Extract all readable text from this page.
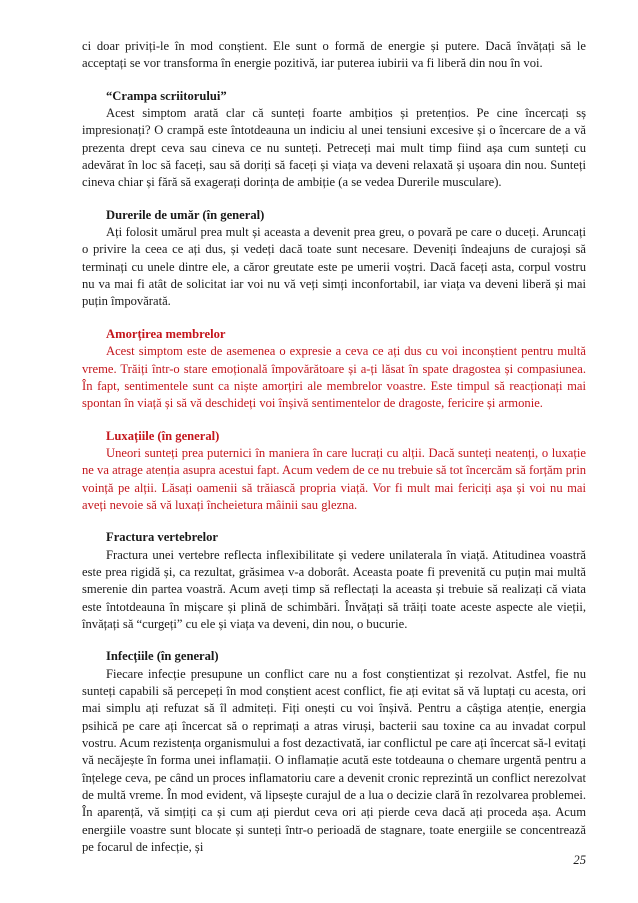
ci doar priviți-le în mod conștient. Ele sunt o formă de energie și putere. Dacă învățați să le acceptați se vor transforma în energie pozitivă, iar puterea iubirii va fi liberă din nou în voi.

“Crampa scriitorului”

Acest simptom arată clar că sunteți foarte ambițios și pretențios. Pe cine încercați sș impresionați? O crampă este întotdeauna un indiciu al unei tensiuni excesive și o încercare de a vă prezenta drept ceva sau cineva ce nu sunteți. Petreceți mai mult timp fiind așa cum sunteți cu adevărat în loc să faceți, sau să doriți să faceți și viața va deveni relaxată și ușoara din nou. Sunteți cineva chiar și fără să exagerați dorința de ambiție (a se vedea Durerile musculare).

Durerile de umăr (în general)

Ați folosit umărul prea mult și aceasta a devenit prea greu, o povară pe care o duceți. Aruncați o privire la ceea ce ați dus, și vedeți dacă toate sunt necesare. Deveniți îndeajuns de curajoși să terminați cu unele dintre ele, a căror greutate este pe umerii voștri. Dacă faceți asta, corpul vostru nu va mai fi atât de solicitat iar voi nu vă veți simți inconfortabil, iar viața va deveni liberă și mai puțin împovărată.

Amorțirea membrelor

Acest simptom este de asemenea o expresie a ceva ce ați dus cu voi inconștient pentru multă vreme. Trăiți într-o stare emoțională împovărătoare și a-ți lăsat în spate dragostea și compasiunea. În fapt, sentimentele sunt ca niște amorțiri ale membrelor voastre. Este timpul să reacționați mai spontan în viață și să vă deschideți voi înșivă sentimentelor de dragoste, fericire și armonie.

Luxațiile (în general)

Uneori sunteți prea puternici în maniera în care lucrați cu alții. Dacă sunteți neatenți, o luxație ne va atrage atenția asupra acestui fapt. Acum vedem de ce nu trebuie să tot încercăm să forțăm prin voință pe alții. Lăsați oamenii să trăiască propria viață. Vor fi mult mai fericiți așa și voi nu mai aveți nevoie să vă luxați încheietura mâinii sau glezna.

Fractura vertebrelor

Fractura unei vertebre reflecta inflexibilitate și vedere unilaterala în viață. Atitudinea voastră este prea rigidă și, ca rezultat, grăsimea v-a doborât. Aceasta poate fi prevenită cu puțin mai multă smerenie din partea voastră. Acum aveți timp să reflectați la aceasta și trebuie să realizați că viata este întotdeauna în mișcare și plină de schimbări. Învățați să trăiți toate aceste aspecte ale vieții, învățați să “curgeți” cu ele și viața va deveni, din nou, o bucurie.

Infecțiile (în general)

Fiecare infecție presupune un conflict care nu a fost conștientizat și rezolvat. Astfel, fie nu sunteți capabili să percepeți în mod conștient acest conflict, fie ați evitat să vă luptați cu acesta, ori mai simplu ați refuzat să îl admiteți. Fiți onești cu voi înșivă. Pentru a câștiga atenție, energia psihică pe care ați încercat să o reprimați a atras viruși, bacterii sau toxine ca au invadat corpul vostru. Acum rezistența organismului a fost dezactivată, iar conflictul pe care ați încercat să-l evitați vă necăjește în forma unei inflamații. O inflamație acută este totdeauna o chemare urgentă pentru a înțelege ceva, pe când un proces inflamatoriu care a devenit cronic reprezintă un conflict nerezolvat de multă vreme. În mod evident, vă lipsește curajul de a lua o decizie clară în rezolvarea problemei. În aparență, vă simțiți ca și cum ați pierdut ceva ori ați pierde ceva dacă ați proceda așa. Acum energiile voastre sunt blocate și sunteți într-o perioadă de stagnare, toate energiile se concentrează pe focarul de infecție, și

25
